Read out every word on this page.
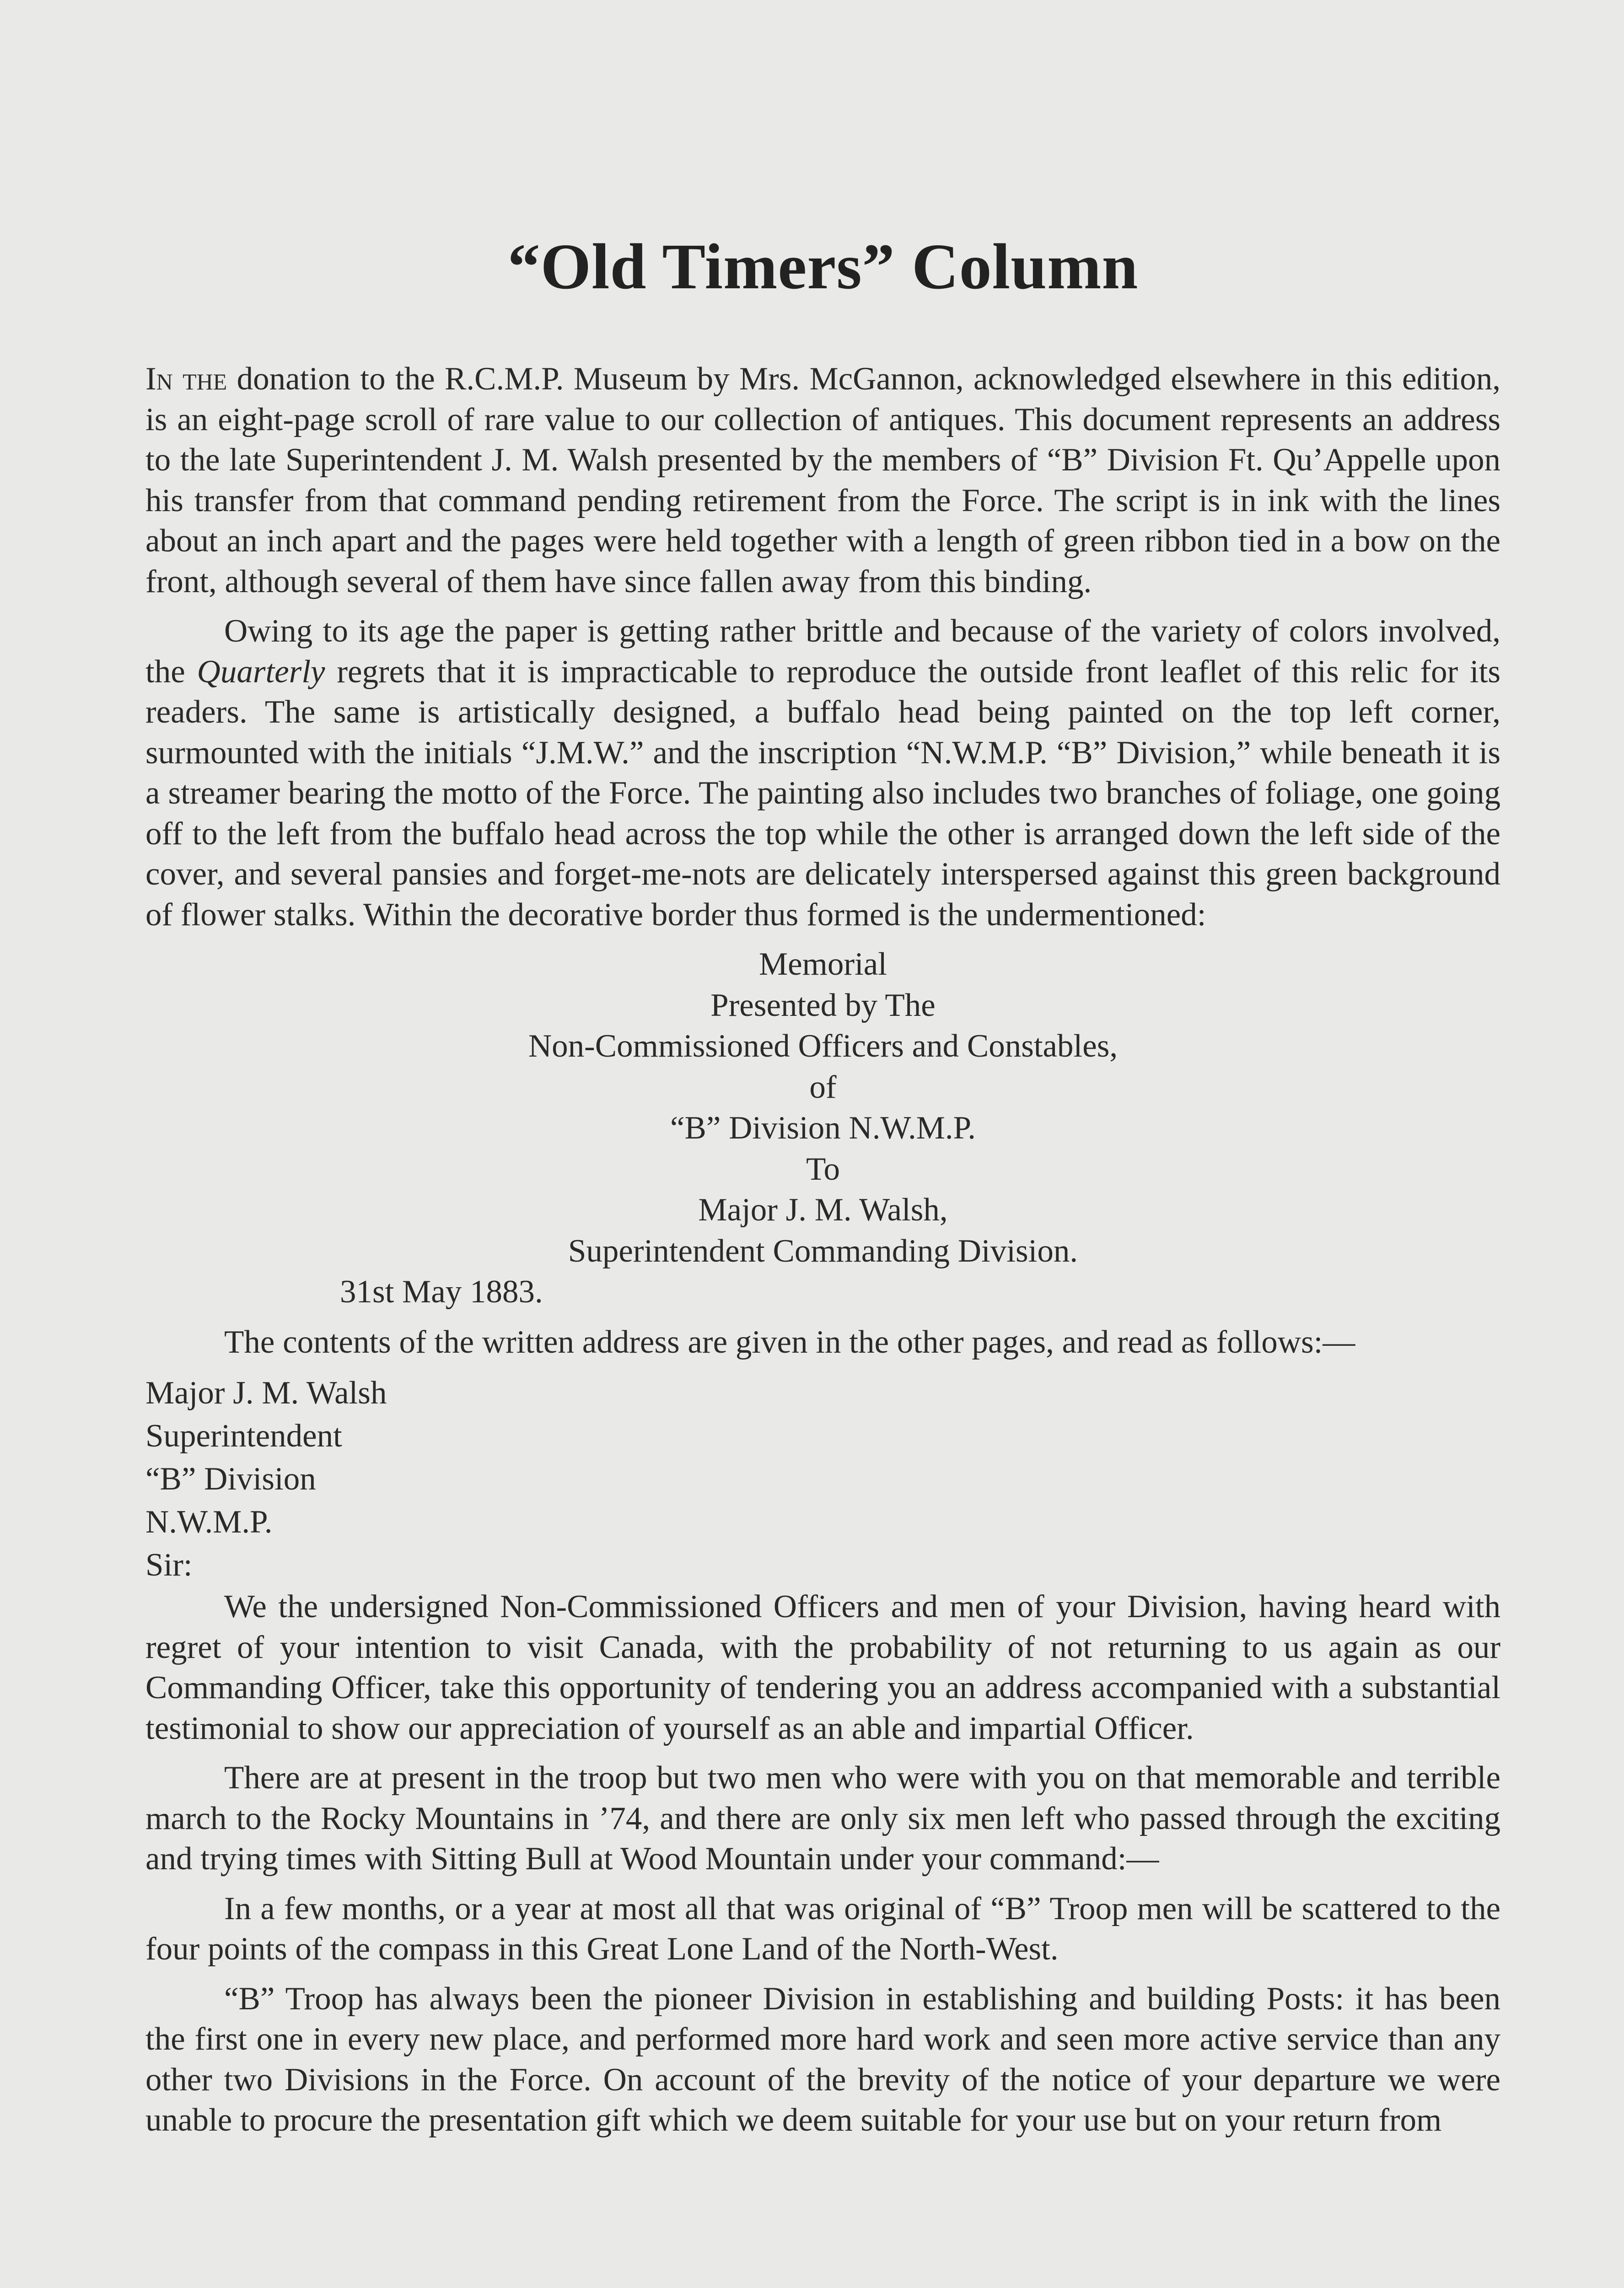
“Old Timers” Column

In the donation to the R.C.M.P. Museum by Mrs. McGannon, acknowledged elsewhere in this edition, is an eight-page scroll of rare value to our collection of antiques. This document represents an address to the late Superintendent J. M. Walsh presented by the members of “B” Division Ft. Qu’Appelle upon his transfer from that command pending retirement from the Force. The script is in ink with the lines about an inch apart and the pages were held together with a length of green ribbon tied in a bow on the front, although several of them have since fallen away from this binding.

Owing to its age the paper is getting rather brittle and because of the variety of colors involved, the Quarterly regrets that it is impracticable to reproduce the outside front leaflet of this relic for its readers. The same is artistically designed, a buffalo head being painted on the top left corner, surmounted with the initials “J.M.W.” and the inscription “N.W.M.P. “B” Division,” while beneath it is a streamer bearing the motto of the Force. The painting also includes two branches of foliage, one going off to the left from the buffalo head across the top while the other is arranged down the left side of the cover, and several pansies and forget-me-nots are delicately interspersed against this green background of flower stalks. Within the decorative border thus formed is the undermentioned:

Memorial
Presented by The
Non-Commissioned Officers and Constables,
of
“B” Division N.W.M.P.
To
Major J. M. Walsh,
Superintendent Commanding Division.
31st May 1883.

The contents of the written address are given in the other pages, and read as follows:—

Major J. M. Walsh
Superintendent
“B” Division
N.W.M.P.
Sir:

We the undersigned Non-Commissioned Officers and men of your Division, having heard with regret of your intention to visit Canada, with the probability of not returning to us again as our Commanding Officer, take this opportunity of tendering you an address accompanied with a substantial testimonial to show our appreciation of yourself as an able and impartial Officer.

There are at present in the troop but two men who were with you on that memorable and terrible march to the Rocky Mountains in ’74, and there are only six men left who passed through the exciting and trying times with Sitting Bull at Wood Mountain under your command:—

In a few months, or a year at most all that was original of “B” Troop men will be scattered to the four points of the compass in this Great Lone Land of the North-West.

“B” Troop has always been the pioneer Division in establishing and building Posts: it has been the first one in every new place, and performed more hard work and seen more active service than any other two Divisions in the Force. On account of the brevity of the notice of your departure we were unable to procure the presentation gift which we deem suitable for your use but on your return from
